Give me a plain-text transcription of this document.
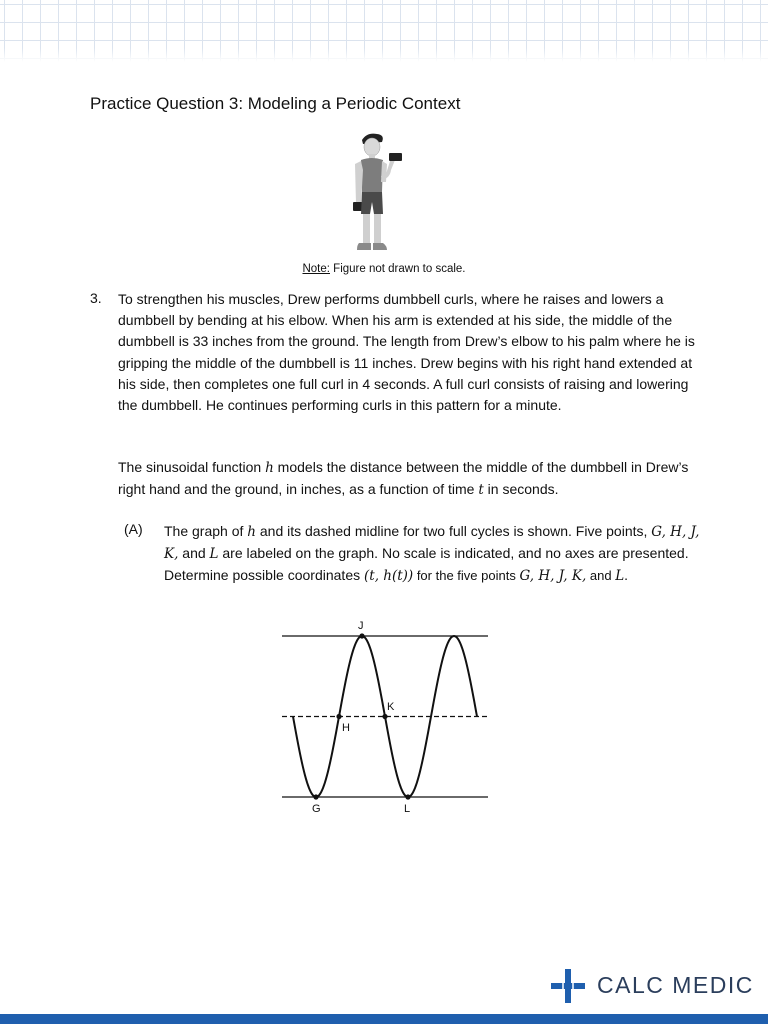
Practice Question 3: Modeling a Periodic Context
Note: Figure not drawn to scale.
3. To strengthen his muscles, Drew performs dumbbell curls, where he raises and lowers a dumbbell by bending at his elbow. When his arm is extended at his side, the middle of the dumbbell is 33 inches from the ground. The length from Drew’s elbow to his palm where he is gripping the middle of the dumbbell is 11 inches. Drew begins with his right hand extended at his side, then completes one full curl in 4 seconds. A full curl consists of raising and lowering the dumbbell. He continues performing curls in this pattern for a minute.

The sinusoidal function h models the distance between the middle of the dumbbell in Drew’s right hand and the ground, in inches, as a function of time t in seconds.

(A) The graph of h and its dashed midline for two full cycles is shown. Five points, G, H, J, K, and L are labeled on the graph. No scale is indicated, and no axes are presented.
Determine possible coordinates (t, h(t)) for the five points G, H, J, K, and L.

J
K
H
G	L
CALC MEDIC
